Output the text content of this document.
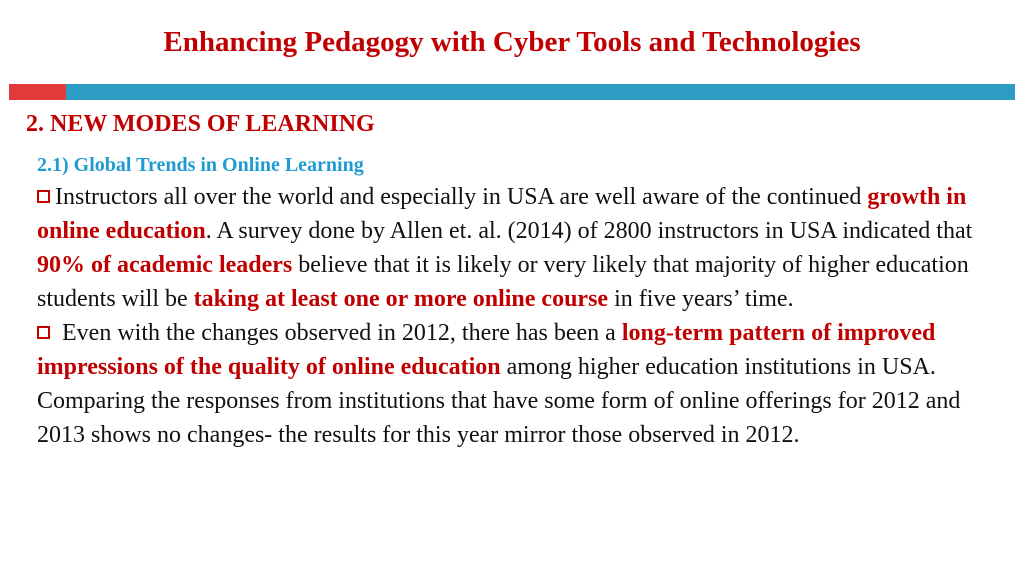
Enhancing Pedagogy with Cyber Tools and Technologies
2. NEW MODES OF LEARNING
2.1) Global Trends in Online Learning

Instructors all over the world and especially in USA are well aware of the continued growth in online education. A survey done by Allen et. al. (2014) of 2800 instructors in USA indicated that 90% of academic leaders believe that it is likely or very likely that majority of higher education students will be taking at least one or more online course in five years’ time.

Even with the changes observed in 2012, there has been a long-term pattern of improved impressions of the quality of online education among higher education institutions in USA. Comparing the responses from institutions that have some form of online offerings for 2012 and 2013 shows no changes- the results for this year mirror those observed in 2012.
